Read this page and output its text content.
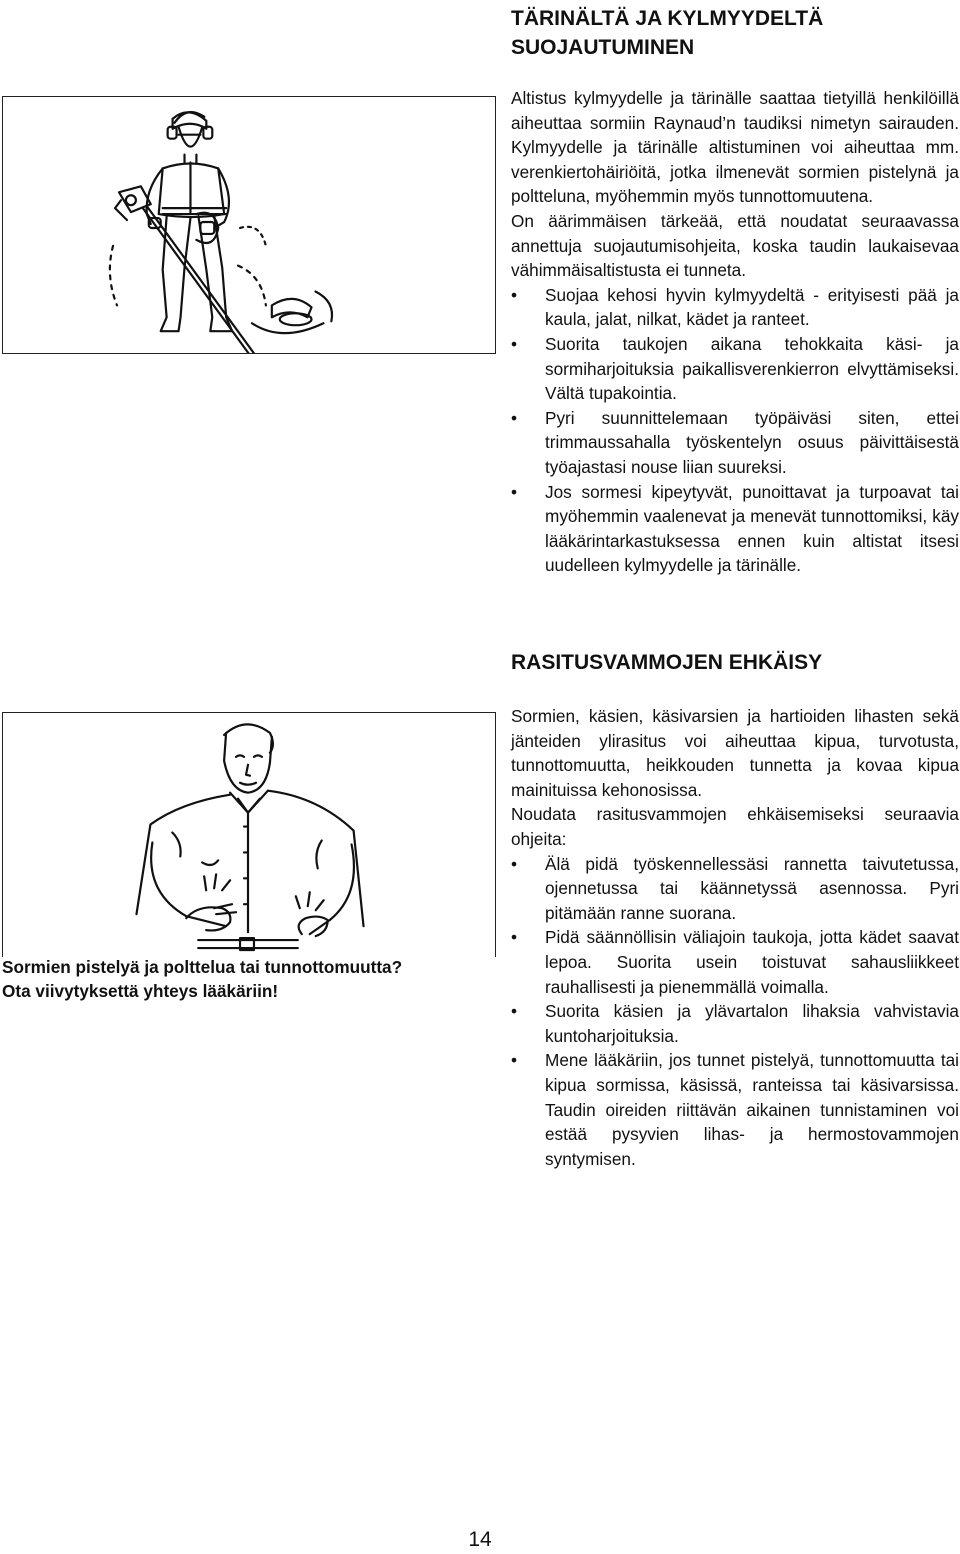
TÄRINÄLTÄ JA KYLMYYDELTÄ
SUOJAUTUMINEN

Altistus kylmyydelle ja tärinälle saattaa tietyillä henkilöillä aiheuttaa sormiin Raynaud’n taudiksi nimetyn sairauden. Kylmyydelle ja tärinälle altistuminen voi aiheuttaa mm. verenkiertohäiriöitä, jotka ilmenevät sormien pistelynä ja poltteluna, myöhemmin myös tunnottomuutena.

On äärimmäisen tärkeää, että noudatat seuraavassa annettuja suojautumisohjeita, koska taudin laukaisevaa vähimmäisaltistusta ei tunneta.

• Suojaa kehosi hyvin kylmyydeltä - erityisesti pää ja kaula, jalat, nilkat, kädet ja ranteet.
• Suorita taukojen aikana tehokkaita käsi- ja sormiharjoituksia paikallisverenkierron elvyttämiseksi. Vältä tupakointia.
• Pyri suunnittelemaan työpäiväsi siten, ettei trimmaussahalla työskentelyn osuus päivittäisestä työajastasi nouse liian suureksi.
• Jos sormesi kipeytyvät, punoittavat ja turpoavat tai myöhemmin vaalenevat ja menevät tunnottomiksi, käy lääkärintarkastuksessa ennen kuin altistat itsesi uudelleen kylmyydelle ja tärinälle.
RASITUSVAMMOJEN EHKÄISY
Sormien pistelyä ja polttelua tai tunnottomuutta?
Ota viivytyksettä yhteys lääkäriin!

Sormien, käsien, käsivarsien ja hartioiden lihasten sekä jänteiden ylirasitus voi aiheuttaa kipua, turvotusta, tunnottomuutta, heikkouden tunnetta ja kovaa kipua mainituissa kehonosissa.

Noudata rasitusvammojen ehkäisemiseksi seuraavia ohjeita:

• Älä pidä työskennellessäsi rannetta taivutetussa, ojennetussa tai käännetyssä asennossa. Pyri pitämään ranne suorana.
• Pidä säännöllisin väliajoin taukoja, jotta kädet saavat lepoa. Suorita usein toistuvat sahausliikkeet rauhallisesti ja pienemmällä voimalla.
• Suorita käsien ja ylävartalon lihaksia vahvistavia kuntoharjoituksia.
• Mene lääkäriin, jos tunnet pistelyä, tunnottomuutta tai kipua sormissa, käsissä, ranteissa tai käsivarsissa. Taudin oireiden riittävän aikainen tunnistaminen voi estää pysyvien lihas- ja hermostovammojen syntymisen.
14
